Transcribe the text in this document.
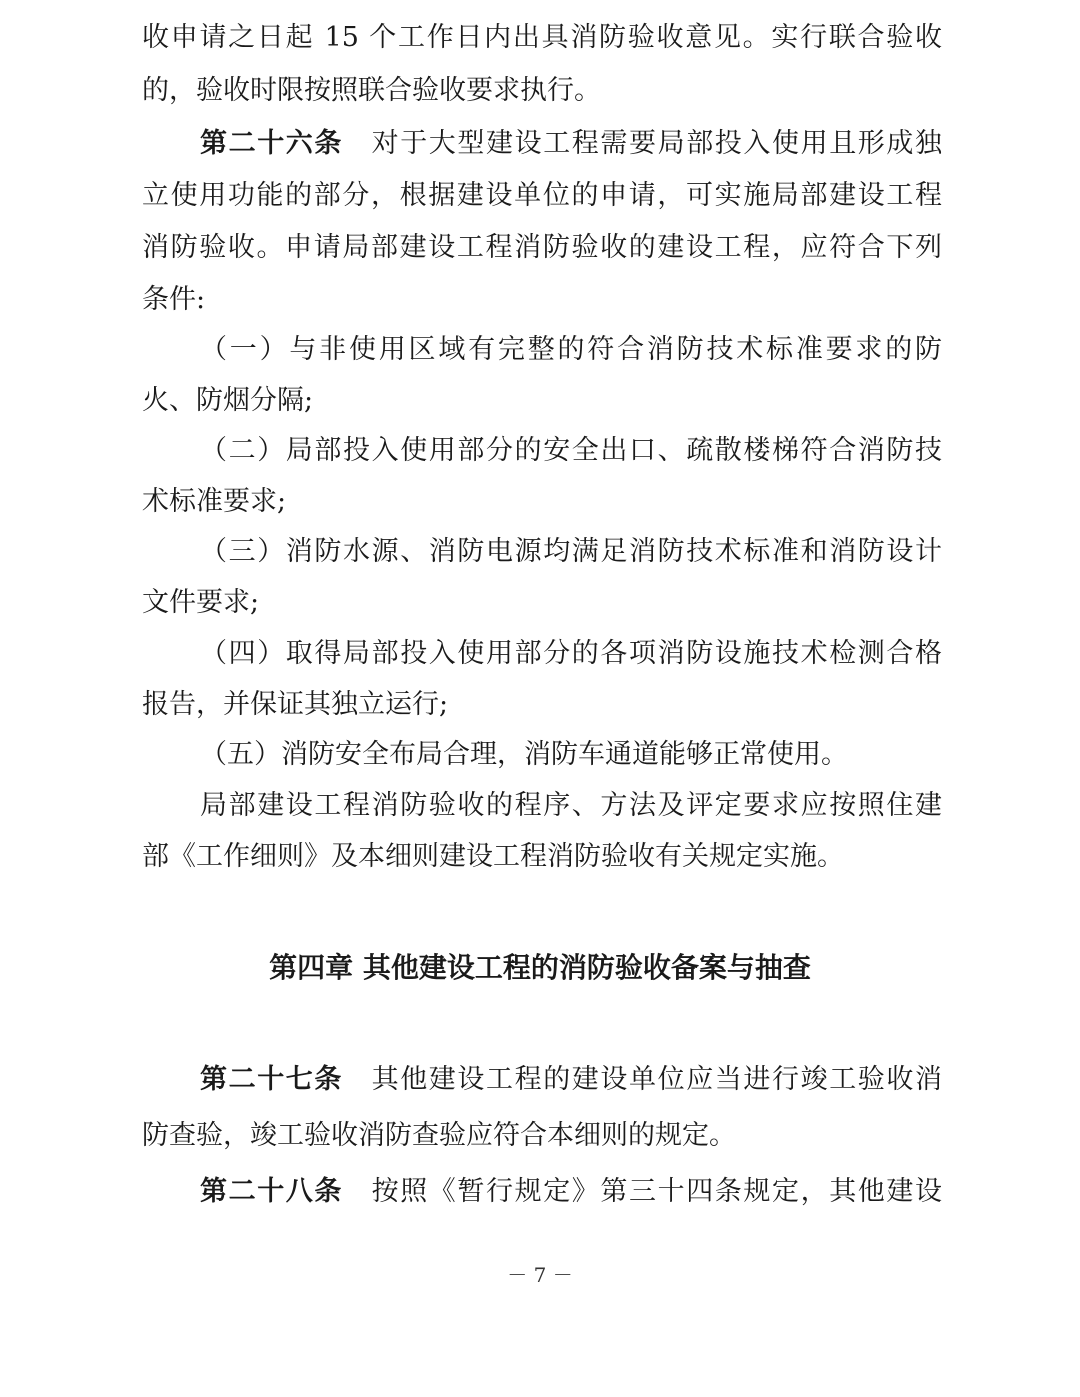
收申请之日起 15 个工作日内出具消防验收意见。实行联合验收
的，验收时限按照联合验收要求执行。
第二十六条  对于大型建设工程需要局部投入使用且形成独
立使用功能的部分，根据建设单位的申请，可实施局部建设工程
消防验收。申请局部建设工程消防验收的建设工程，应符合下列
条件:
（一）与非使用区域有完整的符合消防技术标准要求的防
火、防烟分隔;
（二）局部投入使用部分的安全出口、疏散楼梯符合消防技
术标准要求;
（三）消防水源、消防电源均满足消防技术标准和消防设计
文件要求;
（四）取得局部投入使用部分的各项消防设施技术检测合格
报告，并保证其独立运行;
（五）消防安全布局合理，消防车通道能够正常使用。
局部建设工程消防验收的程序、方法及评定要求应按照住建
部《工作细则》及本细则建设工程消防验收有关规定实施。
第四章 其他建设工程的消防验收备案与抽查
第二十七条  其他建设工程的建设单位应当进行竣工验收消
防查验，竣工验收消防查验应符合本细则的规定。
第二十八条  按照《暂行规定》第三十四条规定，其他建设
－ 7 －
